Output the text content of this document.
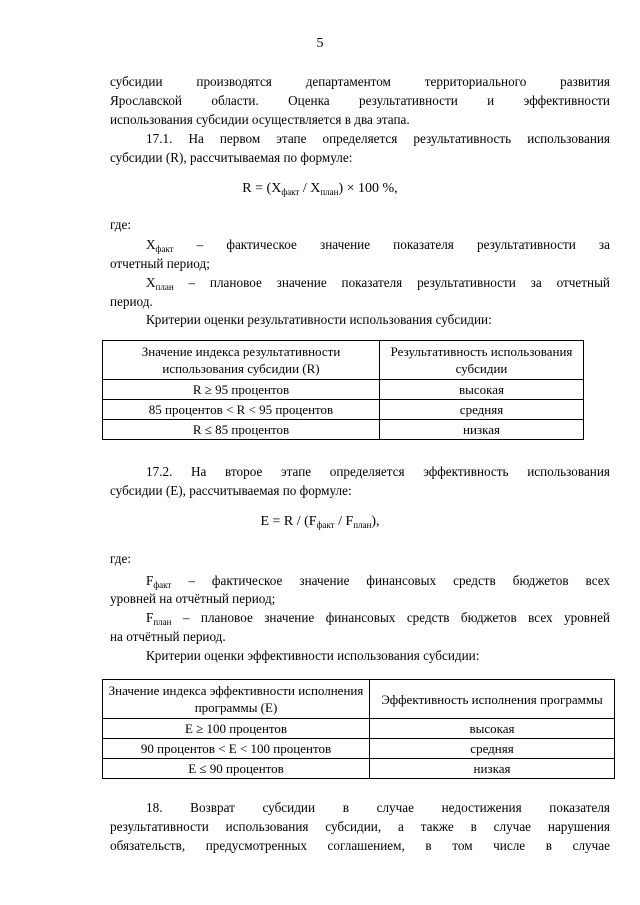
5
субсидии производятся департаментом территориального развития
Ярославской области. Оценка результативности и эффективности
использования субсидии осуществляется в два этапа.
17.1. На первом этапе определяется результативность использования
субсидии (R), рассчитываемая по формуле:
$R = (X_{факт} / X_{план}) \times 100$ %,
где:
$X_{факт}$ – фактическое значение показателя результативности за
отчетный период;
$X_{план}$ – плановое значение показателя результативности за отчетный
период.
Критерии оценки результативности использования субсидии:
Значение индекса результативности использования субсидии (R)	Результативность использования субсидии
R ≥ 95 процентов	высокая
85 процентов < R < 95 процентов	средняя
R ≤ 85 процентов	низкая
17.2. На второе этапе определяется эффективность использования
субсидии (E), рассчитываемая по формуле:
$E = R / (F_{факт} / F_{план})$,
где:
$F_{факт}$ – фактическое значение финансовых средств бюджетов всех
уровней на отчётный период;
$F_{план}$ – плановое значение финансовых средств бюджетов всех уровней
на отчётный период.
Критерии оценки эффективности использования субсидии:
Значение индекса эффективности исполнения программы (E)	Эффективность исполнения программы
E ≥ 100 процентов	высокая
90 процентов < E < 100 процентов	средняя
E ≤ 90 процентов	низкая
18. Возврат субсидии в случае недостижения показателя
результативности использования субсидии, а также в случае нарушения
обязательств, предусмотренных соглашением, в том числе в случае
